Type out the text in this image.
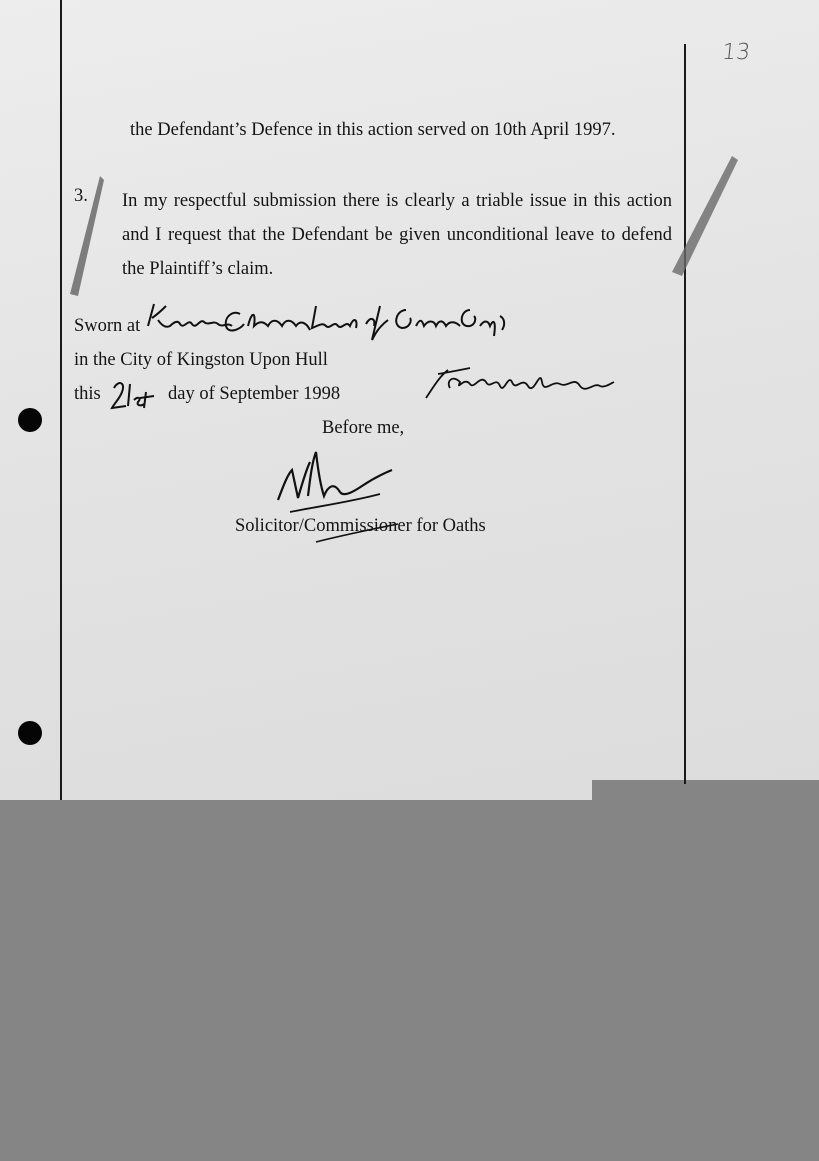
13
the Defendant’s Defence in this action served on 10th April 1997.
3. In my respectful submission there is clearly a triable issue in this action and I request that the Defendant be given unconditional leave to defend the Plaintiff’s claim.
Sworn at
in the City of Kingston Upon Hull
this	day of September 1998
Before me,
Solicitor/Commissioner for Oaths
